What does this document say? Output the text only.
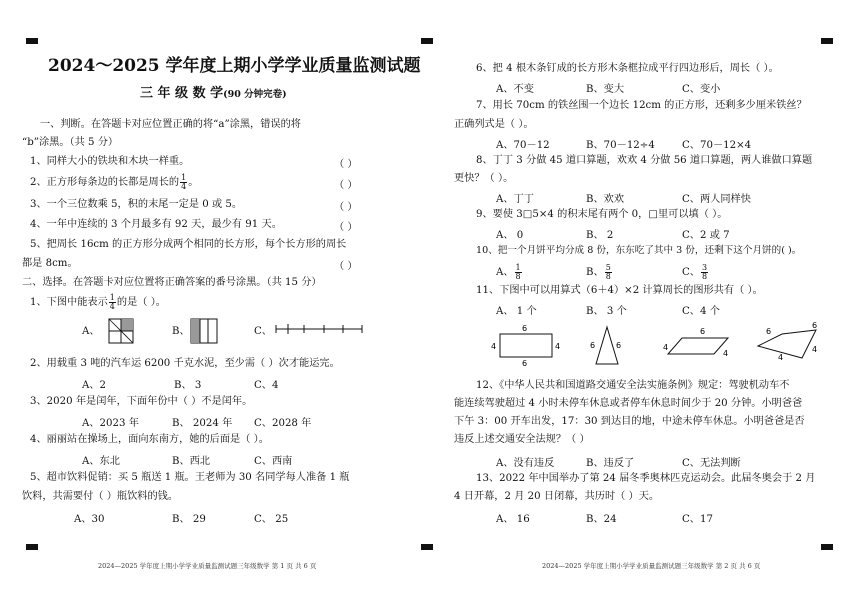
2024～2025 学年度上期小学学业质量监测试题
三 年 级 数 学(90 分钟完卷)
一、判断。在答题卡对应位置正确的将“a”涂黑，错误的将
“b”涂黑。（共 5 分）
1、同样大小的铁块和木块一样重。	（ ）
2、正方形每条边的长都是周长的 $\frac{1}{4}$ 。	（ ）
3、一个三位数乘 5，积的末尾一定是 0 或 5。	（ ）
4、一年中连续的 3 个月最多有 92 天，最少有 91 天。	（ ）
5、把周长 16cm 的正方形分成两个相同的长方形，每个长方形的周长
都是 8cm。	（ ）
二、选择。在答题卡对应位置将正确答案的番号涂黑。（共 15 分）
1、下图中能表示 $\frac{1}{4}$ 的是（ ）。
A、	B、	C、
2、用载重 3 吨的汽车运 6200 千克水泥，至少需（ ）次才能运完。
A、2	B、 3	C、4
3、2020 年是闰年，下面年份中（ ）不是闰年。
A、2023 年	B、 2024 年 C、2028 年
4、丽丽站在操场上，面向东南方，她的后面是（ ）。
A、东北	B、西北	C、西南
5、超市饮料促销：买 5 瓶送 1 瓶。王老师为 30 名同学每人准备 1 瓶
饮料，共需要付（ ）瓶饮料的钱。
A、30	B、 29	C、 25
2024—2025 学年度上期小学学业质量监测试题三年级数学 第 1 页 共 6 页
6、把 4 根木条钉成的长方形木条框拉成平行四边形后，周长（ ）。
A、不变	B、变大	C、变小
7、用长 70cm 的铁丝围一个边长 12cm 的正方形，还剩多少厘米铁丝？
正确列式是（ ）。
A、70－12	B、70－12÷4	C、70－12×4
8、丁丁 3 分做 45 道口算题，欢欢 4 分做 56 道口算题，两人谁做口算题
更快？（ ）。
A、丁丁	B、欢欢	C、两人同样快
9、要使 3□5×4 的积末尾有两个 0，□里可以填（ ）。
A、 0	B、 2	C、2 或 7
10、把一个月饼平均分成 8 份，东东吃了其中 3 份，还剩下这个月饼的( )。
A、 $\frac{1}{8}$	B、 $\frac{5}{8}$	C、 $\frac{3}{8}$
11、下图中可以用算式（6＋4）×2 计算周长的图形共有（ ）。
A、 1 个	B、 3 个	C、4 个
6
4	4
6
6	6
6
4
4
6
6
4
4
12、《中华人民共和国道路交通安全法实施条例》规定：驾驶机动车不
能连续驾驶超过 4 小时未停车休息或者停车休息时间少于 20 分钟。小明爸爸
下午 3：00 开车出发，17：30 到达目的地，中途未停车休息。小明爸爸是否
违反上述交通安全法规？（ ）
A、没有违反	B、违反了	C、无法判断
13、2022 年中国举办了第 24 届冬季奥林匹克运动会。此届冬奥会于 2 月
4 日开幕，2 月 20 日闭幕，共历时（ ）天。
A、 16	B、24	C、17
2024—2025 学年度上期小学学业质量监测试题三年级数学 第 2 页 共 6 页
